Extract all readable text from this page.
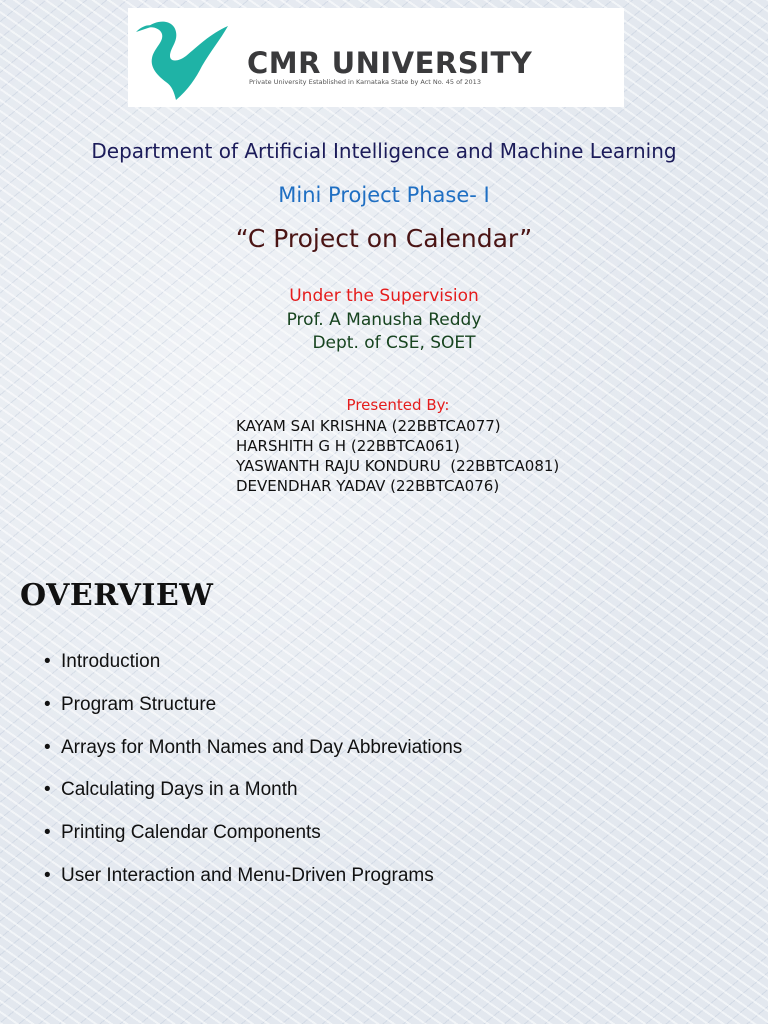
CMR UNIVERSITY
Private University Established in Karnataka State by Act No. 45 of 2013
Department of Artificial Intelligence and Machine Learning
Mini Project Phase- I
“C Project on Calendar”
Under the Supervision
Prof. A Manusha Reddy
Dept. of CSE, SOET
Presented By:
KAYAM SAI KRISHNA (22BBTCA077)
HARSHITH G H (22BBTCA061)
YASWANTH RAJU KONDURU  (22BBTCA081)
DEVENDHAR YADAV (22BBTCA076)
OVERVIEW
• Introduction
• Program Structure
• Arrays for Month Names and Day Abbreviations
• Calculating Days in a Month
• Printing Calendar Components
• User Interaction and Menu-Driven Programs
